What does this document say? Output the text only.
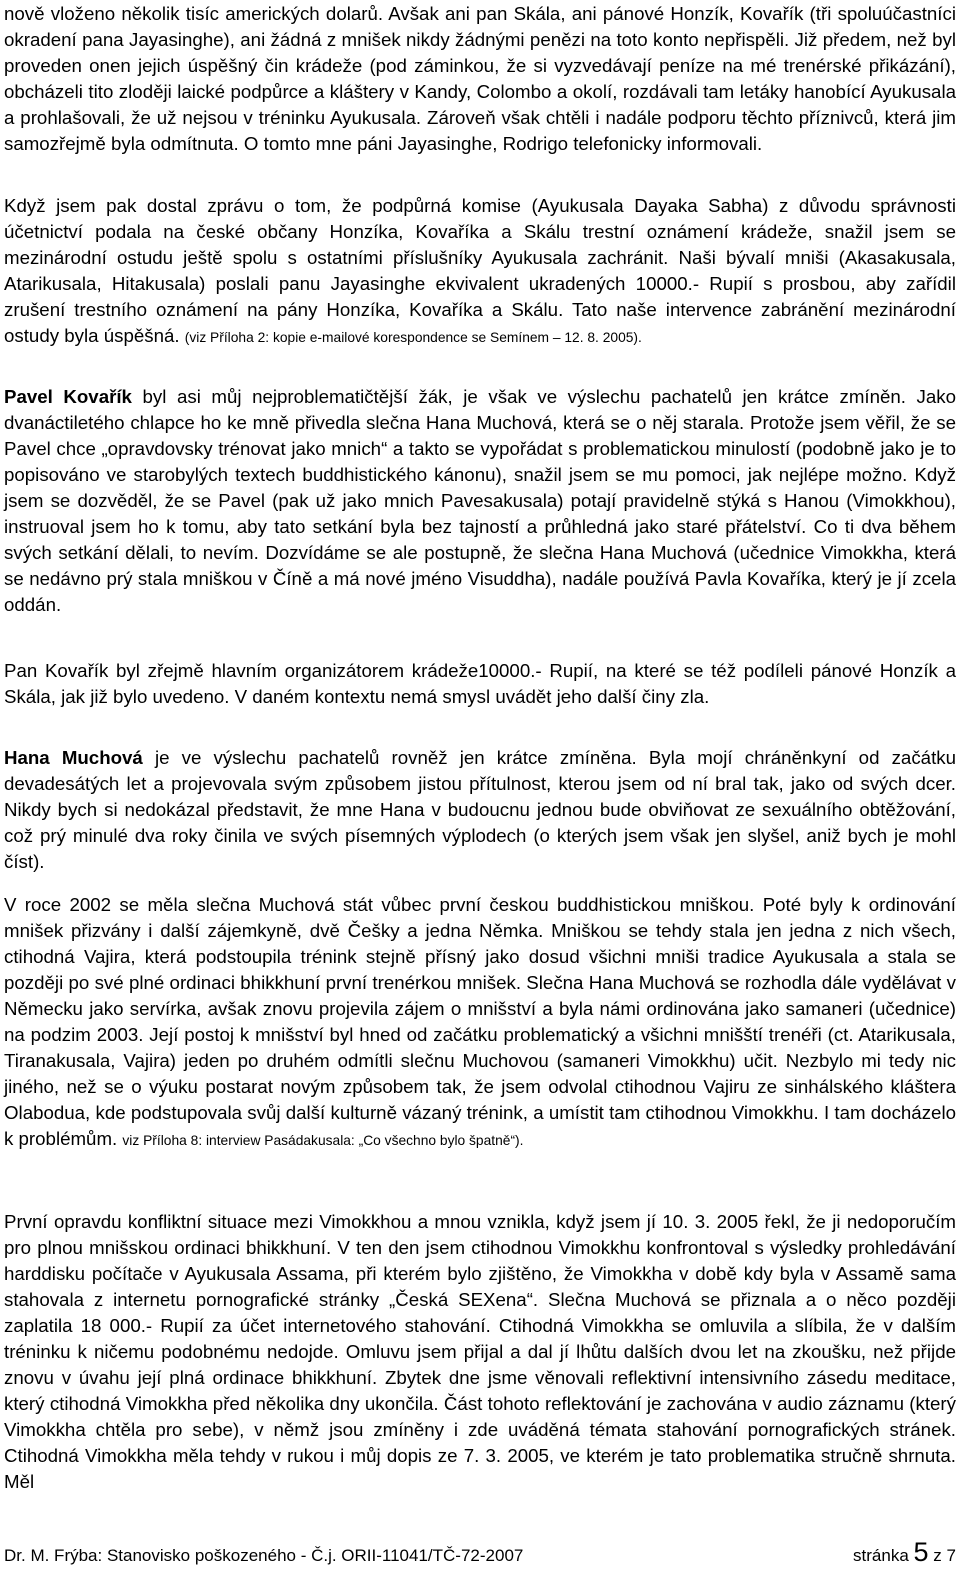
nově vloženo několik tisíc amerických dolarů. Avšak ani pan Skála, ani pánové Honzík, Kovařík (tři spoluúčastníci okradení pana Jayasinghe), ani žádná z mnišek nikdy žádnými penězi na toto konto nepřispěli. Již předem, než byl proveden onen jejich úspěšný čin krádeže (pod záminkou, že si vyzvedávají peníze na mé trenérské přikázání), obcházeli tito zloději laické podpůrce a kláštery v Kandy, Colombo a okolí, rozdávali tam letáky hanobící Ayukusala a prohlašovali, že už nejsou v tréninku Ayukusala. Zároveň však chtěli i nadále podporu těchto příznivců, která jim samozřejmě byla odmítnuta. O tomto mne páni Jayasinghe, Rodrigo telefonicky informovali.
Když jsem pak dostal zprávu o tom, že podpůrná komise (Ayukusala Dayaka Sabha) z důvodu správnosti účetnictví podala na české občany Honzíka, Kovaříka a Skálu trestní oznámení krádeže, snažil jsem se mezinárodní ostudu ještě spolu s ostatními příslušníky Ayukusala zachránit. Naši bývalí mniši (Akasakusala, Atarikusala, Hitakusala) poslali panu Jayasinghe ekvivalent ukradených 10000.- Rupií s prosbou, aby zařídil zrušení trestního oznámení na pány Honzíka, Kovaříka a Skálu. Tato naše intervence zabránění mezinárodní ostudy byla úspěšná. (viz Příloha 2: kopie e-mailové korespondence se Semínem – 12. 8. 2005).
Pavel Kovařík byl asi můj nejproblematičtější žák, je však ve výslechu pachatelů jen krátce zmíněn. Jako dvanáctiletého chlapce ho ke mně přivedla slečna Hana Muchová, která se o něj starala. Protože jsem věřil, že se Pavel chce „opravdovsky trénovat jako mnich“ a takto se vypořádat s problematickou minulostí (podobně jako je to popisováno ve starobylých textech buddhistického kánonu), snažil jsem se mu pomoci, jak nejlépe možno. Když jsem se dozvěděl, že se Pavel (pak už jako mnich Pavesakusala) potají pravidelně stýká s Hanou (Vimokkhou), instruoval jsem ho k tomu, aby tato setkání byla bez tajností a průhledná jako staré přátelství. Co ti dva během svých setkání dělali, to nevím. Dozvídáme se ale postupně, že slečna Hana Muchová (učednice Vimokkha, která se nedávno prý stala mniškou v Číně a má nové jméno Visuddha), nadále používá Pavla Kovaříka, který je jí zcela oddán.
Pan Kovařík byl zřejmě hlavním organizátorem krádeže10000.- Rupií, na které se též podíleli pánové Honzík a Skála, jak již bylo uvedeno. V daném kontextu nemá smysl uvádět jeho další činy zla.
Hana Muchová je ve výslechu pachatelů rovněž jen krátce zmíněna. Byla mojí chráněnkyní od začátku devadesátých let a projevovala svým způsobem jistou přítulnost, kterou jsem od ní bral tak, jako od svých dcer. Nikdy bych si nedokázal představit, že mne Hana v budoucnu jednou bude obviňovat ze sexuálního obtěžování, což prý minulé dva roky činila ve svých písemných výplodech (o kterých jsem však jen slyšel, aniž bych je mohl číst).
V roce 2002 se měla slečna Muchová stát vůbec první českou buddhistickou mniškou. Poté byly k ordinování mnišek přizvány i další zájemkyně, dvě Češky a jedna Němka. Mniškou se tehdy stala jen jedna z nich všech, ctihodná Vajira, která podstoupila trénink stejně přísný jako dosud všichni mniši tradice Ayukusala a stala se později po své plné ordinaci bhikkhuní první trenérkou mnišek. Slečna Hana Muchová se rozhodla dále vydělávat v Německu jako servírka, avšak znovu projevila zájem o mnišství a byla námi ordinována jako samaneri (učednice) na podzim 2003. Její postoj k mnišství byl hned od začátku problematický a všichni mnišští trenéři (ct. Atarikusala, Tiranakusala, Vajira) jeden po druhém odmítli slečnu Muchovou (samaneri Vimokkhu) učit. Nezbylo mi tedy nic jiného, než se o výuku postarat novým způsobem tak, že jsem odvolal ctihodnou Vajiru ze sinhálského kláštera Olabodua, kde podstupovala svůj další kulturně vázaný trénink, a umístit tam ctihodnou Vimokkhu. I tam docházelo k problémům. viz Příloha 8: interview Pasádakusala: „Co všechno bylo špatně“).
První opravdu konfliktní situace mezi Vimokkhou a mnou vznikla, když jsem jí 10. 3. 2005 řekl, že ji nedoporučím pro plnou mnišskou ordinaci bhikkhuní. V ten den jsem ctihodnou Vimokkhu konfrontoval s výsledky prohledávání harddisku počítače v Ayukusala Assama, při kterém bylo zjištěno, že Vimokkha v době kdy byla v Assamě sama stahovala z internetu pornografické stránky „Česká SEXena“. Slečna Muchová se přiznala a o něco později zaplatila 18 000.- Rupií za účet internetového stahování. Ctihodná Vimokkha se omluvila a slíbila, že v dalším tréninku k ničemu podobnému nedojde. Omluvu jsem přijal a dal jí lhůtu dalších dvou let na zkoušku, než přijde znovu v úvahu její plná ordinace bhikkhuní. Zbytek dne jsme věnovali reflektivní intensivního zásedu meditace, který ctihodná Vimokkha před několika dny ukončila. Část tohoto reflektování je zachována v audio záznamu (který Vimokkha chtěla pro sebe), v němž jsou zmíněny i zde uváděná témata stahování pornografických stránek. Ctihodná Vimokkha měla tehdy v rukou i můj dopis ze 7. 3. 2005, ve kterém je tato problematika stručně shrnuta. Měl
Dr. M. Frýba: Stanovisko poškozeného - Č.j. ORII-11041/TČ-72-2007	stránka 5 z 7
